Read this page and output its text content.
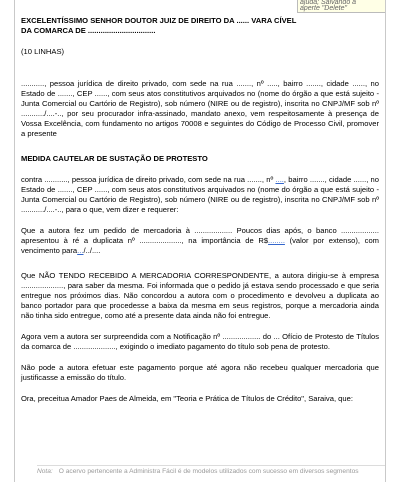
ajuda; Salvando a
aperte "Delete"
EXCELENTÍSSIMO SENHOR DOUTOR JUIZ DE DIREITO DA ...... VARA CÍVEL
DA COMARCA DE ................................

(10 LINHAS)

..........., pessoa jurídica de direito privado, com sede na rua ......., nº ....., bairro ......., cidade ......, no Estado de ......., CEP ......, com seus atos constitutivos arquivados no (nome do órgão a que está sujeito - Junta Comercial ou Cartório de Registro), sob número (NIRE ou de registro), inscrita no CNPJ/MF sob nº .........../....-.., por seu procurador infra-assinado, mandato anexo, vem respeitosamente à presença de Vossa Excelência, com fundamento no artigos 70008 e seguintes do Código de Processo Civil, promover a presente

MEDIDA CAUTELAR DE SUSTAÇÃO DE PROTESTO

contra ..........., pessoa jurídica de direito privado, com sede na rua ......., nº ...., bairro ......., cidade ......, no Estado de ......., CEP ......, com seus atos constitutivos arquivados no (nome do órgão a que está sujeito - Junta Comercial ou Cartório de Registro), sob número (NIRE ou de registro), inscrita no CNPJ/MF sob nº .........../....-.., para o que, vem dizer e requerer:

Que a autora fez um pedido de mercadoria à .................. Poucos dias após, o banco .................. apresentou à ré a duplicata nº ...................., na importância de R$........ (valor por extenso), com vencimento para.../../....

Que NÃO TENDO RECEBIDO A MERCADORIA CORRESPONDENTE, a autora dirigiu-se à empresa ...................., para saber da mesma. Foi informada que o pedido já estava sendo processado e que seria entregue nos próximos dias. Não concordou a autora com o procedimento e devolveu a duplicata ao banco portador para que procedesse a baixa da mesma em seus registros, porque a mercadoria ainda não tinha sido entregue, como até a presente data ainda não foi entregue.

Agora vem a autora ser surpreendida com a Notificação nº .................. do ... Ofício de Protesto de Títulos da comarca de ...................., exigindo o imediato pagamento do título sob pena de protesto.

Não pode a autora efetuar este pagamento porque até agora não recebeu qualquer mercadoria que justificasse a emissão do título.

Ora, preceitua Amador Paes de Almeida, em "Teoria e Prática de Títulos de Crédito", Saraiva, que:

Nota: O acervo pertencente a Administra Fácil é de modelos utilizados com sucesso em diversos segmentos
